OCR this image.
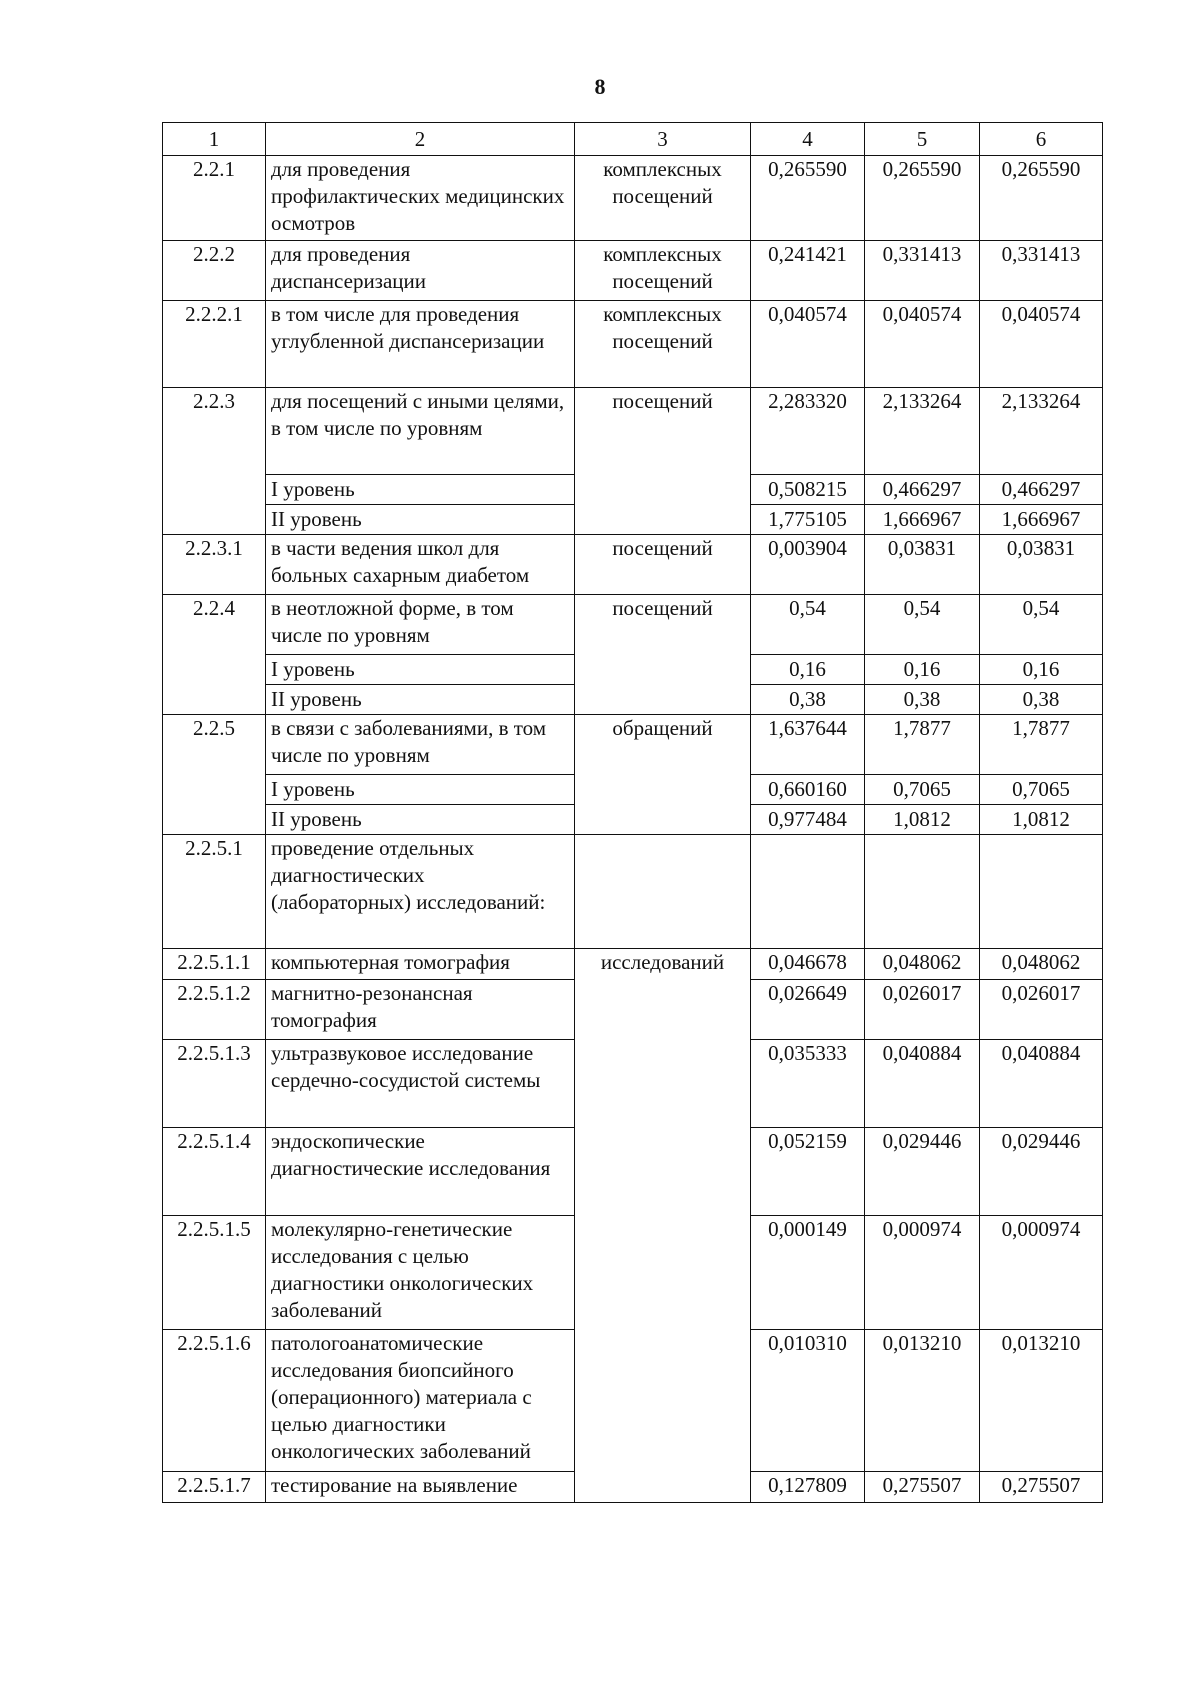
8
1	2	3	4	5	6
2.2.1	для проведения профилактических медицинских осмотров	комплексных посещений	0,265590	0,265590	0,265590
2.2.2	для проведения диспансеризации	комплексных посещений	0,241421	0,331413	0,331413
2.2.2.1	в том числе для проведения углубленной диспансеризации	комплексных посещений	0,040574	0,040574	0,040574
2.2.3	для посещений с иными целями, в том числе по уровням	посещений	2,283320	2,133264	2,133264
	I уровень		0,508215	0,466297	0,466297
	II уровень		1,775105	1,666967	1,666967
2.2.3.1	в части ведения школ для больных сахарным диабетом	посещений	0,003904	0,03831	0,03831
2.2.4	в неотложной форме, в том числе по уровням	посещений	0,54	0,54	0,54
	I уровень		0,16	0,16	0,16
	II уровень		0,38	0,38	0,38
2.2.5	в связи с заболеваниями, в том числе по уровням	обращений	1,637644	1,7877	1,7877
	I уровень		0,660160	0,7065	0,7065
	II уровень		0,977484	1,0812	1,0812
2.2.5.1	проведение отдельных диагностических (лабораторных) исследований:				
2.2.5.1.1	компьютерная томография	исследований	0,046678	0,048062	0,048062
2.2.5.1.2	магнитно-резонансная томография		0,026649	0,026017	0,026017
2.2.5.1.3	ультразвуковое исследование сердечно-сосудистой системы		0,035333	0,040884	0,040884
2.2.5.1.4	эндоскопические диагностические исследования		0,052159	0,029446	0,029446
2.2.5.1.5	молекулярно-генетические исследования с целью диагностики онкологических заболеваний		0,000149	0,000974	0,000974
2.2.5.1.6	патологоанатомические исследования биопсийного (операционного) материала с целью диагностики онкологических заболеваний		0,010310	0,013210	0,013210
2.2.5.1.7	тестирование на выявление		0,127809	0,275507	0,275507
